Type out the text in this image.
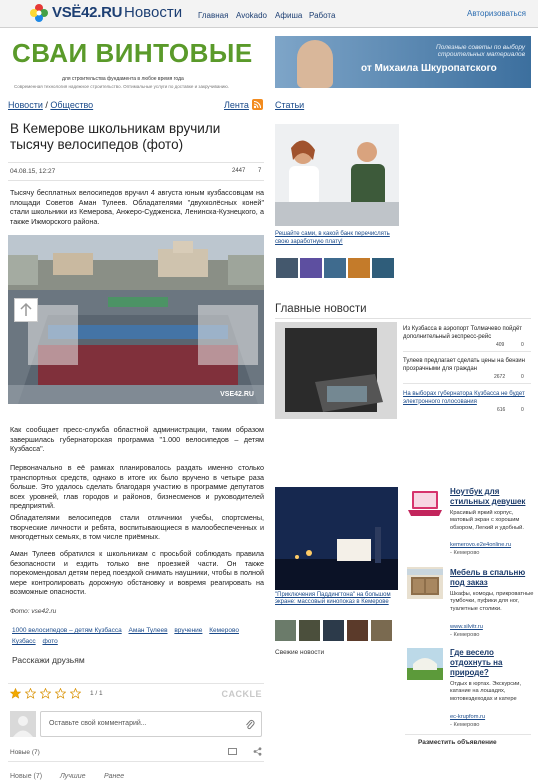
VSË42.RU Новости Главная Avokado Афиша Работа	Авторизоваться
СВАИ ВИНТОВЫЕ
для строительства фундамента в любое время года
Современная технология надежное строительство. Оптимальные услуги по доставке и закручиванию.
Полезные советы по выбору строительных материалов
от Михаила Шкуропатского
Новости / Общество	Лента	Статьи
В Кемерове школьникам вручили тысячу велосипедов (фото)
04.08.15, 12:27	2447 7

Тысячу бесплатных велосипедов вручил 4 августа юным кузбассовцам на площади Советов Аман Тулеев. Обладателями "двухколёсных коней" стали школьники из Кемерова, Анжеро-Судженска, Ленинска-Кузнецкого, а также Ижморского района.

VSE42.RU

Как сообщает пресс-служба областной администрации, таким образом завершилась губернаторская программа "1.000 велосипедов – детям Кузбасса".

Первоначально в её рамках планировалось раздать именно столько транспортных средств, однако в итоге их было вручено в четыре раза больше. Это удалось сделать благодаря участию в программе депутатов всех уровней, глав городов и районов, бизнесменов и руководителей предприятий.

Обладателями велосипедов стали отличники учебы, спортсмены, творческие личности и ребята, воспитывающиеся в малообеспеченных и многодетных семьях, в том числе приёмных.

Аман Тулеев обратился к школьникам с просьбой соблюдать правила безопасности и ездить только вне проезжей части. Он также порекомендовал детям перед поездкой снимать наушники, чтобы в полной мере контролировать дорожную обстановку и вовремя реагировать на возможные опасности.

Фото: vse42.ru
1000 велосипедов – детям Кузбасса Аман Тулеев вручение Кемерово
Кузбасс фото
Расскажи друзьям
1 / 1	CACKLE
Оставьте свой комментарий...
Новые (7)
Новые (7)	Лучшие	Ранее
Решайте сами, в какой банк перечислять свою заработную плату!
Главные новости
Из Кузбасса в аэропорт Толмачево пойдёт дополнительный экспресс-рейс
409	0
Тулеев предлагает сделать цены на бензин прозрачными для граждан
2672	0
На выборах губернатора Кузбасса не будет электронного голосования
616	0
"Приключения Паддингтона" на большом экране: массовый кинопоказ в Кемерове
Свежие новости
Ноутбук для стильных девушек
Красивый яркий корпус, матовый экран с хорошим обзором, Легкий и удобный.
kemerovo.e2e4online.ru
- Кемерово
Мебель в спальню под заказ
Шкафы, комоды, прикроватные тумбочки, пуфики для ног, туалетные столики.
www.silvitr.ru
- Кемерово
Где весело отдохнуть на природе?
Отдых в юртах. Экскурсии, катание на лошадях, мотовездеходах и катере
ec-krupfom.ru
- Кемерово
Разместить объявление
